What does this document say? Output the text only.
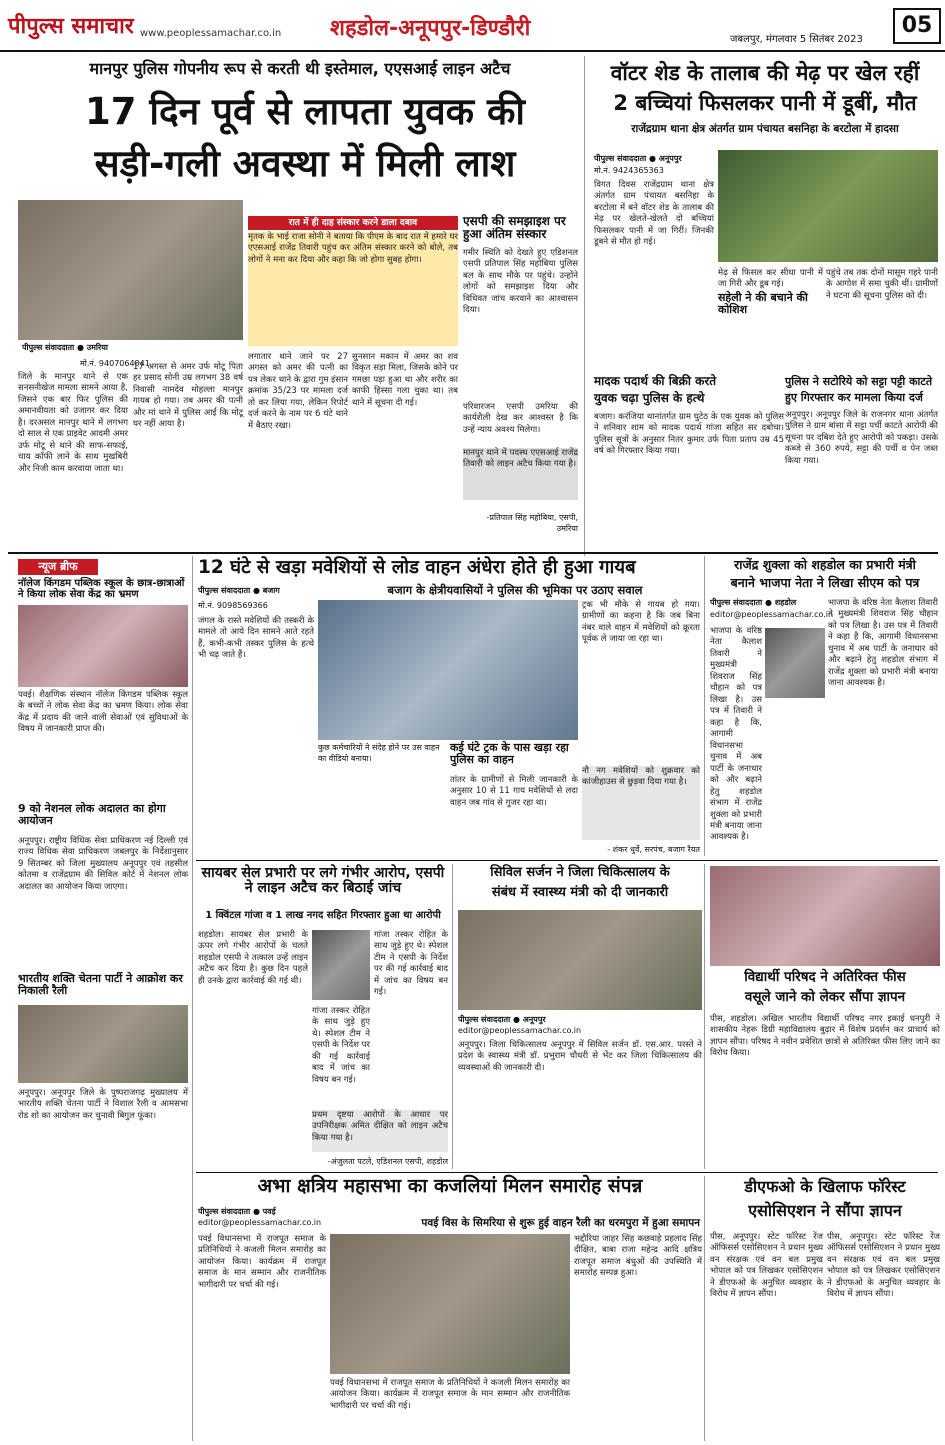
पीपुल्स समाचार www.peoplessamachar.co.in शहडोल-अनूपपुर-डिण्डौरी	जबलपुर, मंगलवार 5 सितंबर 2023
05
मानपुर पुलिस गोपनीय रूप से करती थी इस्तेमाल, एएसआई लाइन अटैच
17 दिन पूर्व से लापता युवक की
सड़ी-गली अवस्था में मिली लाश
पीपुल्स संवाददाता ● उमरिया
मो.नं. 9407064841
रात में ही दाह संस्कार करने डाला दबाव
मृतक के भाई राजा सोनी ने बताया कि पीएम के बाद रात में हमारे घर एएसआई राजेंद्र तिवारी पहुंच कर अंतिम संस्कार करने को बोले, तब लोगों ने मना कर दिया और कहा कि जो होगा सुबह होगा।
एसपी की समझाइश पर हुआ अंतिम संस्कार
गमीर स्थिति को देखते हुए एडिशनल एसपी प्रतिपाल सिंह महोबिया पुलिस बल के साथ मौके पर पहुंचे। उन्होंने लोगों को समझाइश दिया और विधिवत जांच करवाने का आश्वासन दिया।
परिवारजन एसपी उमरिया की कार्यशैली देख कर आश्वस्त है कि उन्हें न्याय अवश्य मिलेगा।
मानपुर थाने में पदस्थ एएसआई राजेंद्र तिवारी को लाइन अटैच किया गया है।
-प्रतिपाल सिंह महोबिया, एसपी, उमरिया
जिले के मानपुर थाने से एक सनसनीखेज मामला सामने आया है, जिसने एक बार फिर पुलिस की अमानवीयता को उजागर कर दिया है। दरअसल मानपुर थाने में लगभग दो साल से एक प्राइवेट आदमी अमर उर्फ मोटू से थाने की साफ-सफाई, चाय कॉफी लाने के साथ मुखबिरी और निजी काम करवाया जाता था।
17 अगस्त से अमर उर्फ मोटू पिता हर प्रसाद सोनी उम्र लगभग 38 वर्ष निवासी नामदेव मोहल्ला मानपुर गायब हो गया। तब अमर की पत्नी और मां थाने में पुलिस आईं कि मोटू घर नहीं आया है।
लगातार थाने जाने पर 27 अगस्त को अमर की पत्नी का पत्र लेकर थाने के द्वारा गुम इंसान क्रमांक 35/23 पर मामला दर्ज तो कर लिया गया, लेकिन रिपोर्ट दर्ज करने के नाम पर 6 घंटे थाने में बैठाए रखा।
सुनसान मकान में अमर का शव विकृत सड़ा मिला, जिसके कोने पर गमछा पड़ा हुआ था और शरीर का काफी हिस्सा गला चुका था। तब थाने में सूचना दी गई।
वॉटर शेड के तालाब की मेढ़ पर खेल रहीं
2 बच्चियां फिसलकर पानी में डूबीं, मौत
राजेंद्रग्राम थाना क्षेत्र अंतर्गत ग्राम पंचायत बसनिहा के बरटोला में हादसा
पीपुल्स संवाददाता ● अनूपपुर
मो.नं. 9424365363
विगत दिवस राजेंद्रग्राम थाना क्षेत्र अंतर्गत ग्राम पंचायत बसनिहा के बरटोला में बने वॉटर शेड के तालाब की मेढ़ पर खेलते-खेलते दो बच्चियां फिसलकर पानी में जा गिरीं। जिनकी डूबने से मौत हो गई।
मेढ़ से फिसल कर सीधा पानी में जा गिरी और डूब गई।
सहेली ने की बचाने की कोशिश
पहुंचे तब तक दोनों मासूम गहरे पानी के आगोश में समा चुकी थीं। ग्रामीणों ने घटना की सूचना पुलिस को दी।
मादक पदार्थ की बिक्री करते
युवक चढ़ा पुलिस के हत्थे
बजाग। करंजिया थानांतर्गत ग्राम घुटेठ के एक युवक को पुलिस ने शनिवार शाम को मादक पदार्थ गांजा सहित सर दबोचा। पुलिस सूत्रों के अनुसार नितर कुमार उर्फ पिता प्रताप उम्र 45 वर्ष को गिरफ्तार किया गया।
पुलिस ने सटोरिये को सट्टा पट्टी काटते
हुए गिरफ्तार कर मामला किया दर्ज
अनूपपुर। अनूपपुर जिले के राजनगर थाना अंतर्गत पुलिस ने ग्राम बांसा में सट्टा पर्ची काटते आरोपी की सूचना पर दबिश देते हुए आरोपी को पकड़ा। उसके कब्जे से 360 रुपये, सट्टा की पर्ची व पेन जब्त किया गया।
न्यूज ब्रीफ
नॉलेज किंगडम पब्लिक स्कूल के छात्र-छात्राओं ने किया लोक सेवा केंद्र का भ्रमण
पवई। शैक्षणिक संस्थान नॉलेज किंगडम पब्लिक स्कूल के बच्चों ने लोक सेवा केंद्र का भ्रमण किया। लोक सेवा केंद्र में प्रदाय की जाने वाली सेवाओं एवं सुविधाओं के विषय में जानकारी प्राप्त की।
9 को नेशनल लोक अदालत का होगा आयोजन
अनूपपुर। राष्ट्रीय विधिक सेवा प्राधिकरण नई दिल्ली एवं राज्य विधिक सेवा प्राधिकरण जबलपुर के निर्देशानुसार 9 सितम्बर को जिला मुख्यालय अनूपपुर एवं तहसील कोतमा व राजेंद्रग्राम की सिविल कोर्ट में नेशनल लोक अदालत का आयोजन किया जाएगा।
भारतीय शक्ति चेतना पार्टी ने आक्रोश कर निकाली रैली
अनूपपुर। अनूपपुर जिले के पुष्पराजगढ़ मुख्यालय में भारतीय शक्ति चेतना पार्टी ने विशाल रैली व आमसभा रोड शो का आयोजन कर चुनावी बिगुल फूंका।
12 घंटे से खड़ा मवेशियों से लोड वाहन अंधेरा होते ही हुआ गायब
बजाग के क्षेत्रीयवासियों ने पुलिस की भूमिका पर उठाए सवाल
पीपुल्स संवाददाता ● बजाग
मो.नं. 9098569366
जंगल के रास्ते मवेशियों की तस्करी के मामले तो आये दिन सामने आते रहते हैं, कभी-कभी तस्कर पुलिस के हत्थे भी चढ़ जाते हैं।
कुछ कर्मचारियों ने संदेह होने पर उस वाहन का वीडियो बनाया।
कई घंटे ट्रक के पास खड़ा रहा पुलिस का वाहन
तांतर के ग्रामीणों से मिली जानकारी के अनुसार 10 से 11 गाय मवेशियों से लदा वाहन जब गांव से गुजर रहा था।
ट्रक भी मौके से गायब हो गया। ग्रामीणों का कहना है कि जब बिना नंबर वाले वाहन में मवेशियों को क्रूरता पूर्वक ले जाया जा रहा था।
नौ नग मवेशियों को शुक्रवार को कांजीहाउस से छुड़वा दिया गया है।
- शंकर धुर्वे, सरपंच, बजाग रैयत
राजेंद्र शुक्ला को शहडोल का प्रभारी मंत्री
बनाने भाजपा नेता ने लिखा सीएम को पत्र
पीपुल्स संवाददाता ● शहडोल
editor@peoplessamachar.co.in
भाजपा के वरिष्ठ नेता कैलाश तिवारी ने मुख्यमंत्री शिवराज सिंह चौहान को पत्र लिखा है। उस पत्र में तिवारी ने कहा है कि, आगामी विधानसभा चुनाव में अब पार्टी के जनाधार को और बढ़ाने हेतु शहडोल संभाग में राजेंद्र शुक्ला को प्रभारी मंत्री बनाया जाना आवश्यक है।
भाजपा के वरिष्ठ नेता कैलाश तिवारी ने मुख्यमंत्री शिवराज सिंह चौहान को पत्र लिखा है। उस पत्र में तिवारी ने कहा है कि, आगामी विधानसभा चुनाव में अब पार्टी के जनाधार को और बढ़ाने हेतु शहडोल संभाग में राजेंद्र शुक्ला को प्रभारी मंत्री बनाया जाना आवश्यक है।
सायबर सेल प्रभारी पर लगे गंभीर आरोप, एसपी ने लाइन अटैच कर बिठाई जांच
1 क्विंटल गांजा व 1 लाख नगद सहित गिरफ्तार हुआ था आरोपी
शहडोल। सायबर सेल प्रभारी के ऊपर लगे गंभीर आरोपों के चलते शहडोल एसपी ने तत्काल उन्हें लाइन अटैच कर दिया है। कुछ दिन पहले ही उनके द्वारा कार्रवाई की गई थी।
गांजा तस्कर रोहित के साथ जुड़े हुए थे। स्पेशल टीम ने एसपी के निर्देश पर की गई कार्रवाई बाद में जांच का विषय बन गई।
गांजा तस्कर रोहित के साथ जुड़े हुए थे। स्पेशल टीम ने एसपी के निर्देश पर की गई कार्रवाई बाद में जांच का विषय बन गई।
प्रथम दृष्टया आरोपों के आधार पर उपनिरीक्षक अमित दीक्षित को लाइन अटैच किया गया है।
-अंजुलता पटले, एडिशनल एसपी, शहडोल
सिविल सर्जन ने जिला चिकित्सालय के
संबंध में स्वास्थ्य मंत्री को दी जानकारी
पीपुल्स संवाददाता ● अनूपपुर
editor@peoplessamachar.co.in
अनूपपुर। जिला चिकित्सालय अनूपपुर में सिविल सर्जन डॉ. एस.आर. परस्ते ने प्रदेश के स्वास्थ्य मंत्री डॉ. प्रभुराम चौधरी से भेंट कर जिला चिकित्सालय की व्यवस्थाओं की जानकारी दी।
विद्यार्थी परिषद ने अतिरिक्त फीस
वसूले जाने को लेकर सौंपा ज्ञापन
पीस, शहडोल। अखिल भारतीय विद्यार्थी परिषद नगर इकाई धनपुरी ने शासकीय नेहरू डिग्री महाविद्यालय बुढ़ार में विशेष प्रदर्शन कर प्राचार्य को ज्ञापन सौंपा। परिषद ने नवीन प्रवेशित छात्रों से अतिरिक्त फीस लिए जाने का विरोध किया।
अभा क्षत्रिय महासभा का कजलियां मिलन समारोह संपन्न
पवई विस के सिमरिया से शुरू हुई वाहन रैली का धरमपुरा में हुआ समापन
पीपुल्स संवाददाता ● पवई
editor@peoplessamachar.co.in
पवई विधानसभा में राजपूत समाज के प्रतिनिधियों ने कजली मिलन समारोह का आयोजन किया। कार्यक्रम में राजपूत समाज के मान सम्मान और राजनीतिक भागीदारी पर चर्चा की गई।
पवई विधानसभा में राजपूत समाज के प्रतिनिधियों ने कजली मिलन समारोह का आयोजन किया। कार्यक्रम में राजपूत समाज के मान सम्मान और राजनीतिक भागीदारी पर चर्चा की गई।
भद्दौरिया जाहर सिंह कछवाहे प्रहलाद सिंह दीक्षित, बाबा राजा महेन्द्र आदि क्षत्रिय राजपूत समाज बंधुओं की उपस्थिति में समारोह सम्पन्न हुआ।
डीएफओ के खिलाफ फॉरेस्ट
एसोसिएशन ने सौंपा ज्ञापन
पीस, अनूपपुर। स्टेट फॉरेस्ट रेंज ऑफिसर्स एसोसिएशन ने प्रधान मुख्य वन संरक्षक एवं वन बल प्रमुख भोपाल को पत्र लिखकर एसोसिएशन ने डीएफओ के अनुचित व्यवहार के विरोध में ज्ञापन सौंपा।
पीस, अनूपपुर। स्टेट फॉरेस्ट रेंज ऑफिसर्स एसोसिएशन ने प्रधान मुख्य वन संरक्षक एवं वन बल प्रमुख भोपाल को पत्र लिखकर एसोसिएशन ने डीएफओ के अनुचित व्यवहार के विरोध में ज्ञापन सौंपा।
